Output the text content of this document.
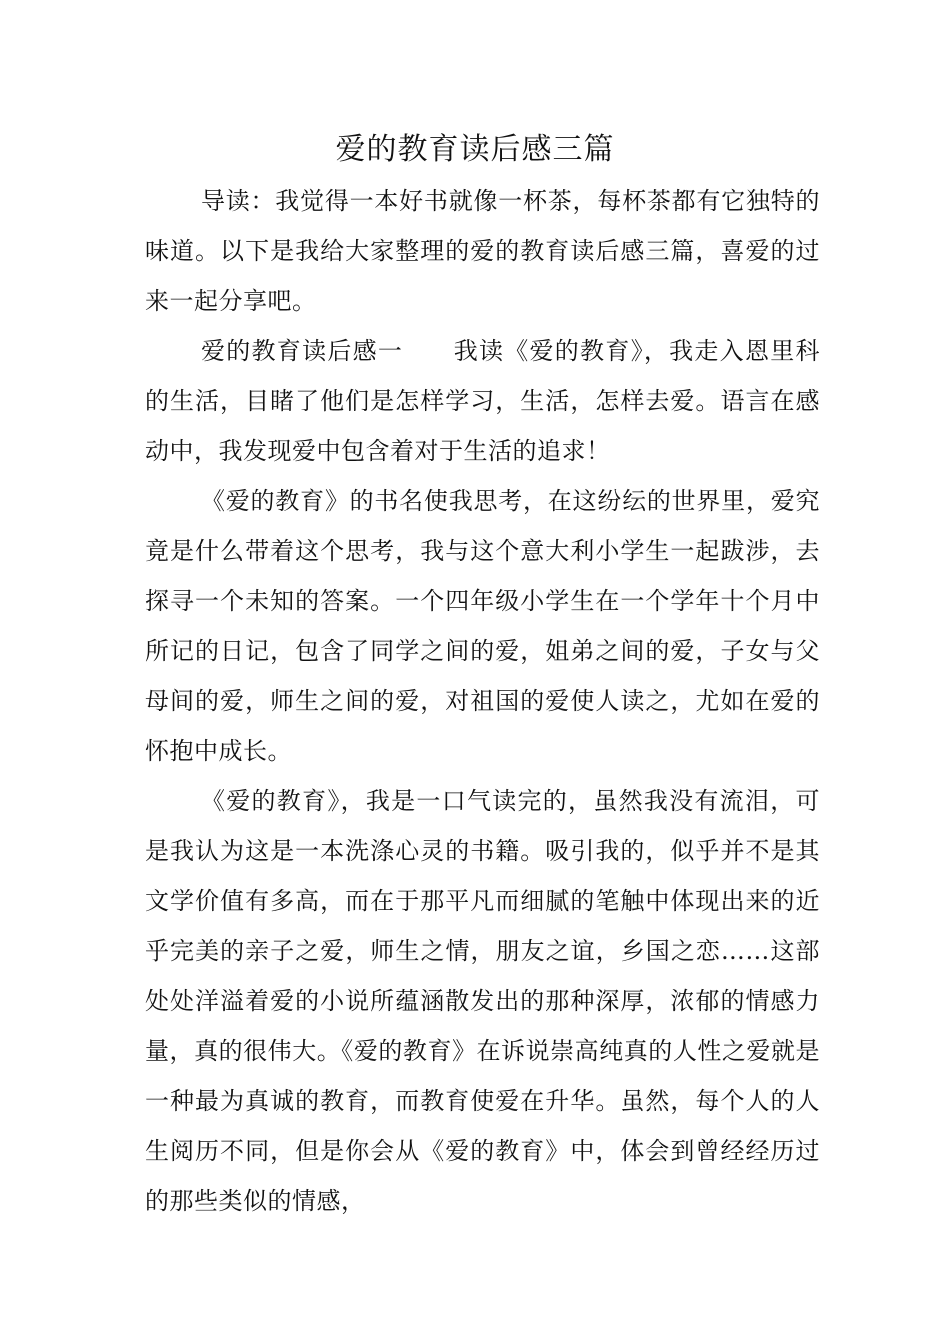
爱的教育读后感三篇

导读：我觉得一本好书就像一杯茶，每杯茶都有它独特的味道。以下是我给大家整理的爱的教育读后感三篇，喜爱的过来一起分享吧。

爱的教育读后感一　　我读《爱的教育》，我走入恩里科的生活，目睹了他们是怎样学习，生活，怎样去爱。语言在感动中，我发现爱中包含着对于生活的追求！

《爱的教育》的书名使我思考，在这纷纭的世界里，爱究竟是什么带着这个思考，我与这个意大利小学生一起跋涉，去探寻一个未知的答案。一个四年级小学生在一个学年十个月中所记的日记，包含了同学之间的爱，姐弟之间的爱，子女与父母间的爱，师生之间的爱，对祖国的爱使人读之，尤如在爱的怀抱中成长。

《爱的教育》，我是一口气读完的，虽然我没有流泪，可是我认为这是一本洗涤心灵的书籍。吸引我的，似乎并不是其文学价值有多高，而在于那平凡而细腻的笔触中体现出来的近乎完美的亲子之爱，师生之情，朋友之谊，乡国之恋……这部处处洋溢着爱的小说所蕴涵散发出的那种深厚，浓郁的情感力量，真的很伟大。《爱的教育》在诉说崇高纯真的人性之爱就是一种最为真诚的教育，而教育使爱在升华。虽然，每个人的人生阅历不同，但是你会从《爱的教育》中，体会到曾经经历过的那些类似的情感，
